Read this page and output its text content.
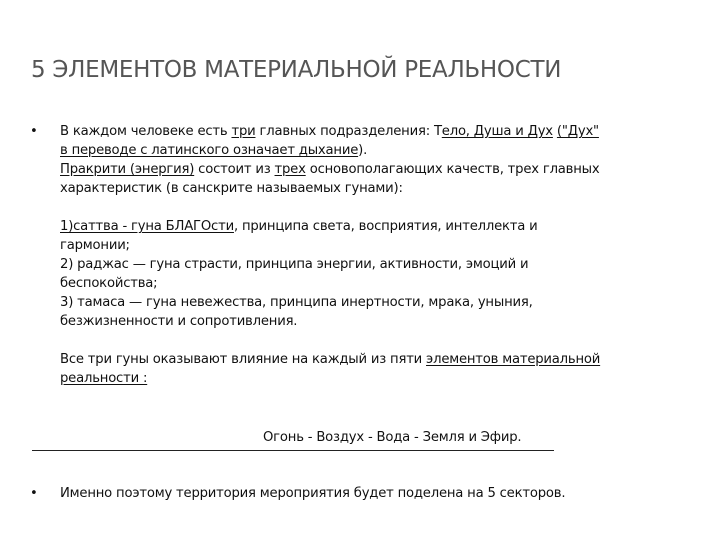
5 ЭЛЕМЕНТОВ МАТЕРИАЛЬНОЙ РЕАЛЬНОСТИ
•	В каждом человеке есть три главных подразделения: Тело, Душа и Дух ("Дух"
в переводе с латинского означает дыхание).
Пракрити (энергия) состоит из трех основополагающих качеств, трех главных
характеристик (в санскрите называемых гунами):
1)саттва - гуна БЛАГОсти, принципа света, восприятия, интеллекта и
гармонии;
2) раджас — гуна страсти, принципа энергии, активности, эмоций и
беспокойства;
3) тамаса — гуна невежества, принципа инертности, мрака, уныния,
безжизненности и сопротивления.
Все три гуны оказывают влияние на каждый из пяти элементов материальной
реальности :
Огонь - Воздух - Вода - Земля и Эфир.
•	Именно поэтому территория мероприятия будет поделена на 5 секторов.
